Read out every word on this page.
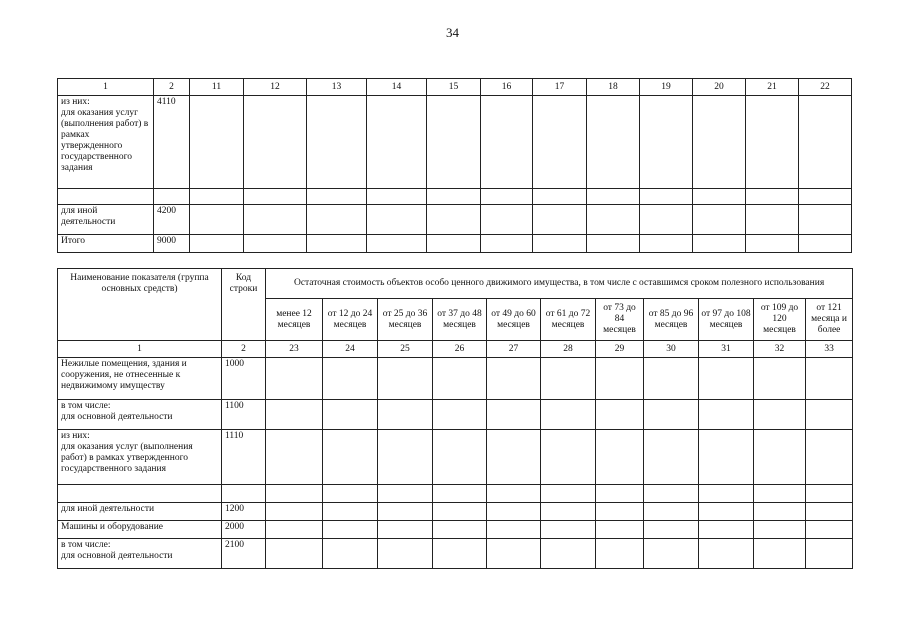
34
1	2	11	12	13	14	15	16	17	18	19	20	21	22
из них:
для оказания услуг (выполнения работ) в рамках утвержденного государственного задания	4110												

для иной деятельности	4200												
Итого	9000												
Наименование показателя (группа основных средств)	Код строки	Остаточная стоимость объектов особо ценного движимого имущества, в том числе с оставшимся сроком полезного использования										
		менее 12 месяцев	от 12 до 24 месяцев	от 25 до 36 месяцев	от 37 до 48 месяцев	от 49 до 60 месяцев	от 61 до 72 месяцев	от 73 до 84 месяцев	от 85 до 96 месяцев	от 97 до 108 месяцев	от 109 до 120 месяцев	от 121 месяца и более
1	2	23	24	25	26	27	28	29	30	31	32	33
Нежилые помещения, здания и сооружения, не отнесенные к недвижимому имуществу	1000											
в том числе:
для основной деятельности	1100											
из них:
для оказания услуг (выполнения работ) в рамках утвержденного государственного задания	1110											

для иной деятельности	1200											
Машины и оборудование	2000											
в том числе:
для основной деятельности	2100											
